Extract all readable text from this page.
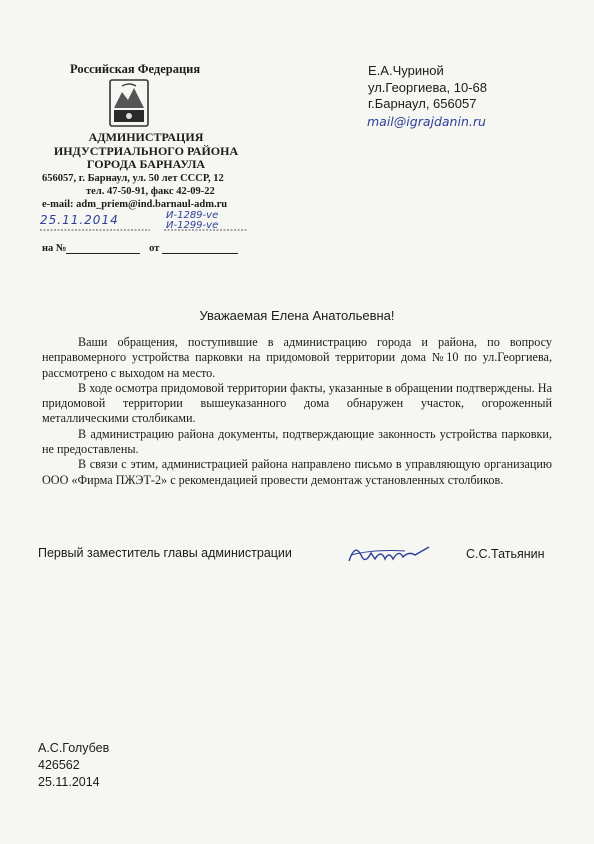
Российская Федерация
АДМИНИСТРАЦИЯ
ИНДУСТРИАЛЬНОГО РАЙОНА
ГОРОДА БАРНАУЛА
656057, г. Барнаул, ул. 50 лет СССР, 12
тел. 47-50-91, факс 42-09-22
e-mail: adm_priem@ind.barnaul-adm.ru
25.11.2014	И-1289-ve
И-1299-ve
на №	от
Е.А.Чуриной
ул.Георгиева, 10-68
г.Барнаул, 656057
mail@igrajdanin.ru
Уважаемая Елена Анатольевна!

Ваши обращения, поступившие в администрацию города и района, по вопросу неправомерного устройства парковки на придомовой территории дома №10 по ул.Георгиева, рассмотрено с выходом на место.

В ходе осмотра придомовой территории факты, указанные в обращении подтверждены. На придомовой территории вышеуказанного дома обнаружен участок, огороженный металлическими столбиками.

В администрацию района документы, подтверждающие законность устройства парковки, не предоставлены.

В связи с этим, администрацией района направлено письмо в управляющую организацию ООО «Фирма ПЖЭТ-2» с рекомендацией провести демонтаж установленных столбиков.

Первый заместитель главы администрации	С.С.Татьянин
А.С.Голубев
426562
25.11.2014
